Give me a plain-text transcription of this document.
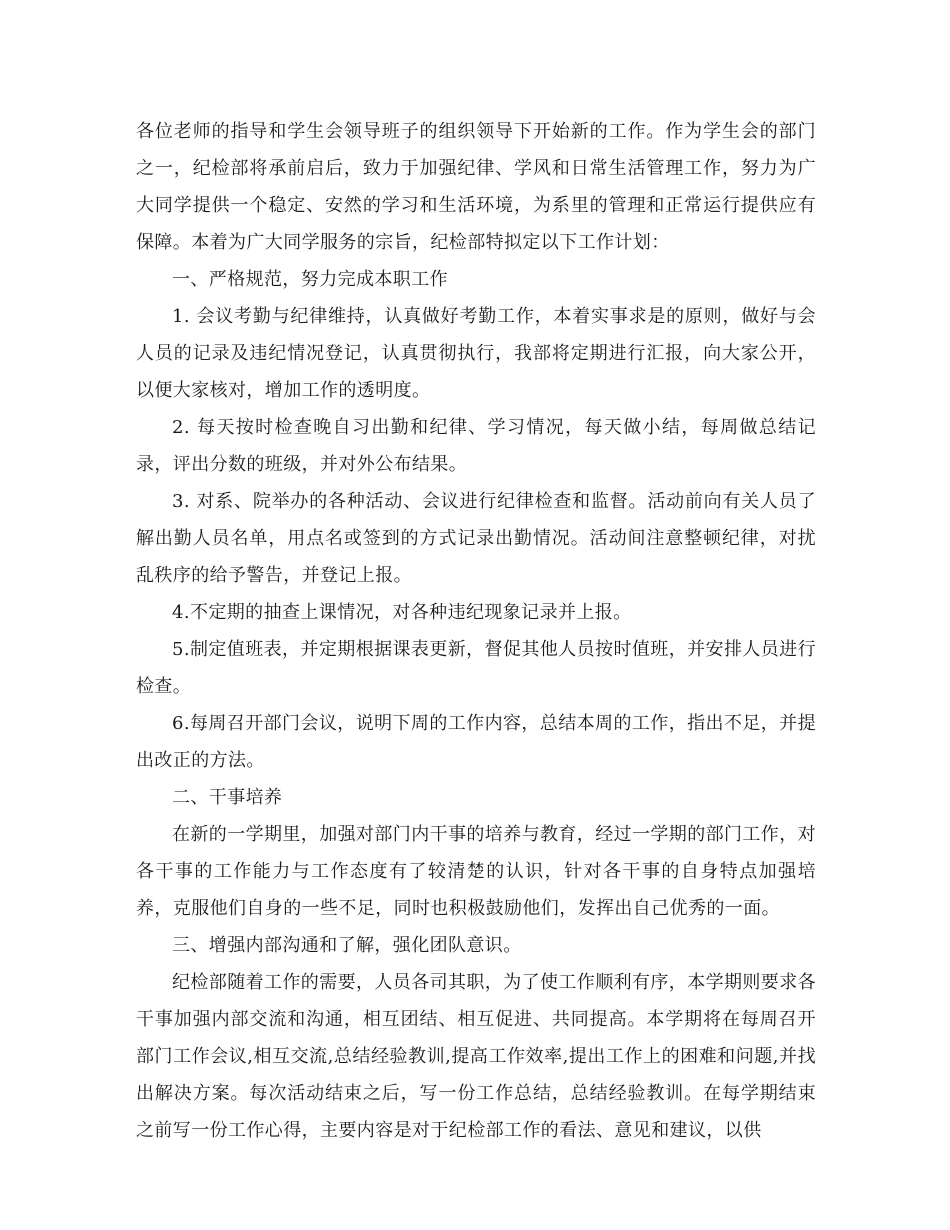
各位老师的指导和学生会领导班子的组织领导下开始新的工作。作为学生会的部门之一，纪检部将承前启后，致力于加强纪律、学风和日常生活管理工作，努力为广大同学提供一个稳定、安然的学习和生活环境，为系里的管理和正常运行提供应有保障。本着为广大同学服务的宗旨，纪检部特拟定以下工作计划：

一、严格规范，努力完成本职工作

1. 会议考勤与纪律维持，认真做好考勤工作，本着实事求是的原则，做好与会人员的记录及违纪情况登记，认真贯彻执行，我部将定期进行汇报，向大家公开，以便大家核对，增加工作的透明度。

2. 每天按时检查晚自习出勤和纪律、学习情况，每天做小结，每周做总结记录，评出分数的班级，并对外公布结果。

3. 对系、院举办的各种活动、会议进行纪律检查和监督。活动前向有关人员了解出勤人员名单，用点名或签到的方式记录出勤情况。活动间注意整顿纪律，对扰乱秩序的给予警告，并登记上报。

4.不定期的抽查上课情况，对各种违纪现象记录并上报。

5.制定值班表，并定期根据课表更新，督促其他人员按时值班，并安排人员进行检查。

6.每周召开部门会议，说明下周的工作内容，总结本周的工作，指出不足，并提出改正的方法。

二、干事培养

在新的一学期里，加强对部门内干事的培养与教育，经过一学期的部门工作，对各干事的工作能力与工作态度有了较清楚的认识，针对各干事的自身特点加强培养，克服他们自身的一些不足，同时也积极鼓励他们，发挥出自己优秀的一面。

三、增强内部沟通和了解，强化团队意识。

纪检部随着工作的需要，人员各司其职，为了使工作顺利有序，本学期则要求各干事加强内部交流和沟通，相互团结、相互促进、共同提高。本学期将在每周召开部门工作会议,相互交流,总结经验教训,提高工作效率,提出工作上的困难和问题,并找出解决方案。每次活动结束之后，写一份工作总结，总结经验教训。在每学期结束之前写一份工作心得，主要内容是对于纪检部工作的看法、意见和建议，以供
